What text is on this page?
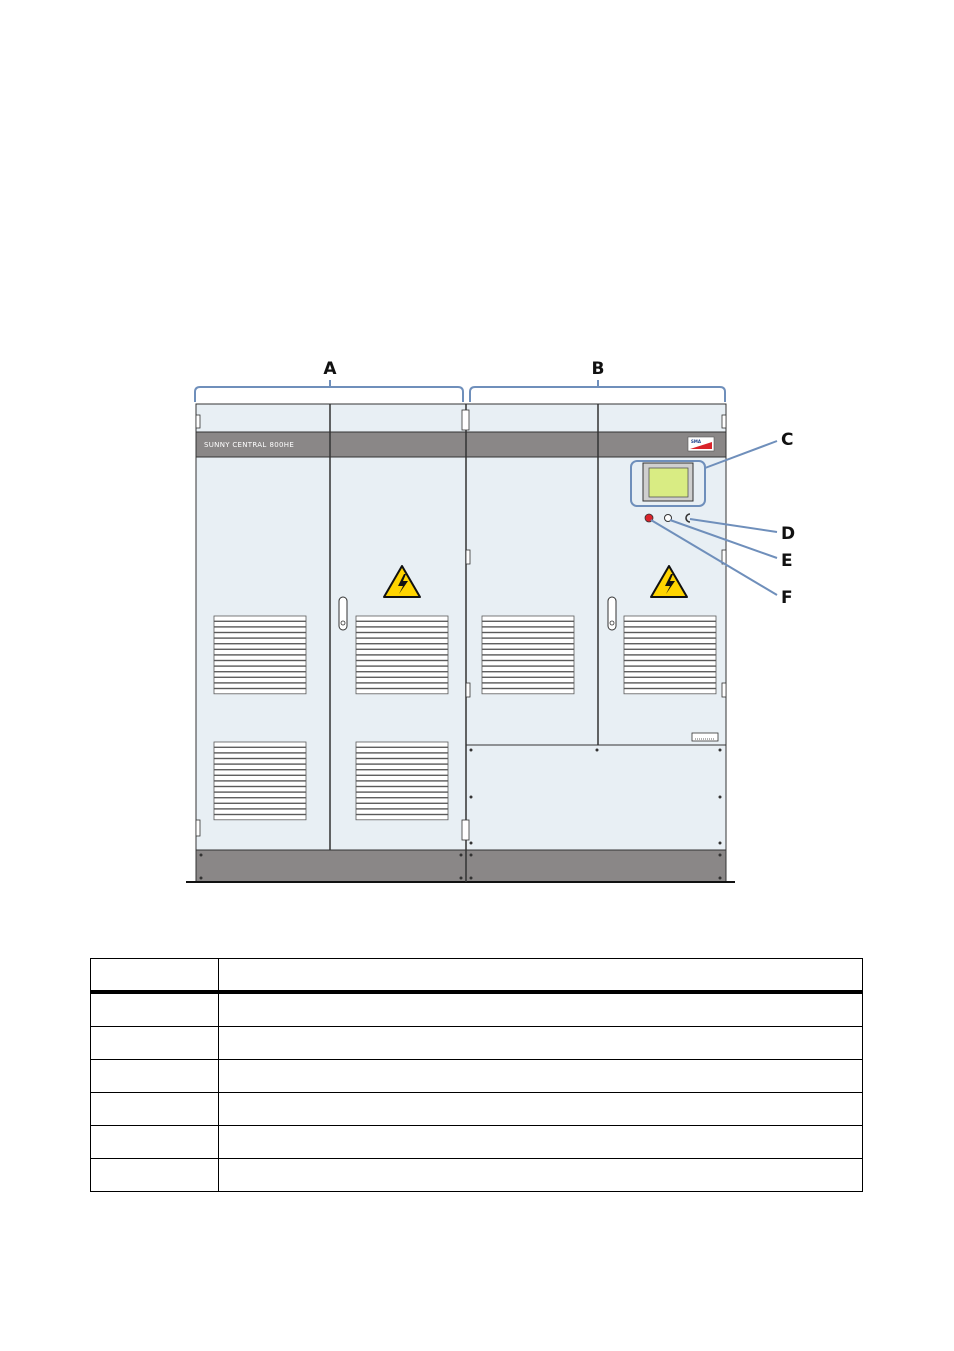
A	B
SUNNY CENTRAL 800HE	SMA	C
D
E
F
